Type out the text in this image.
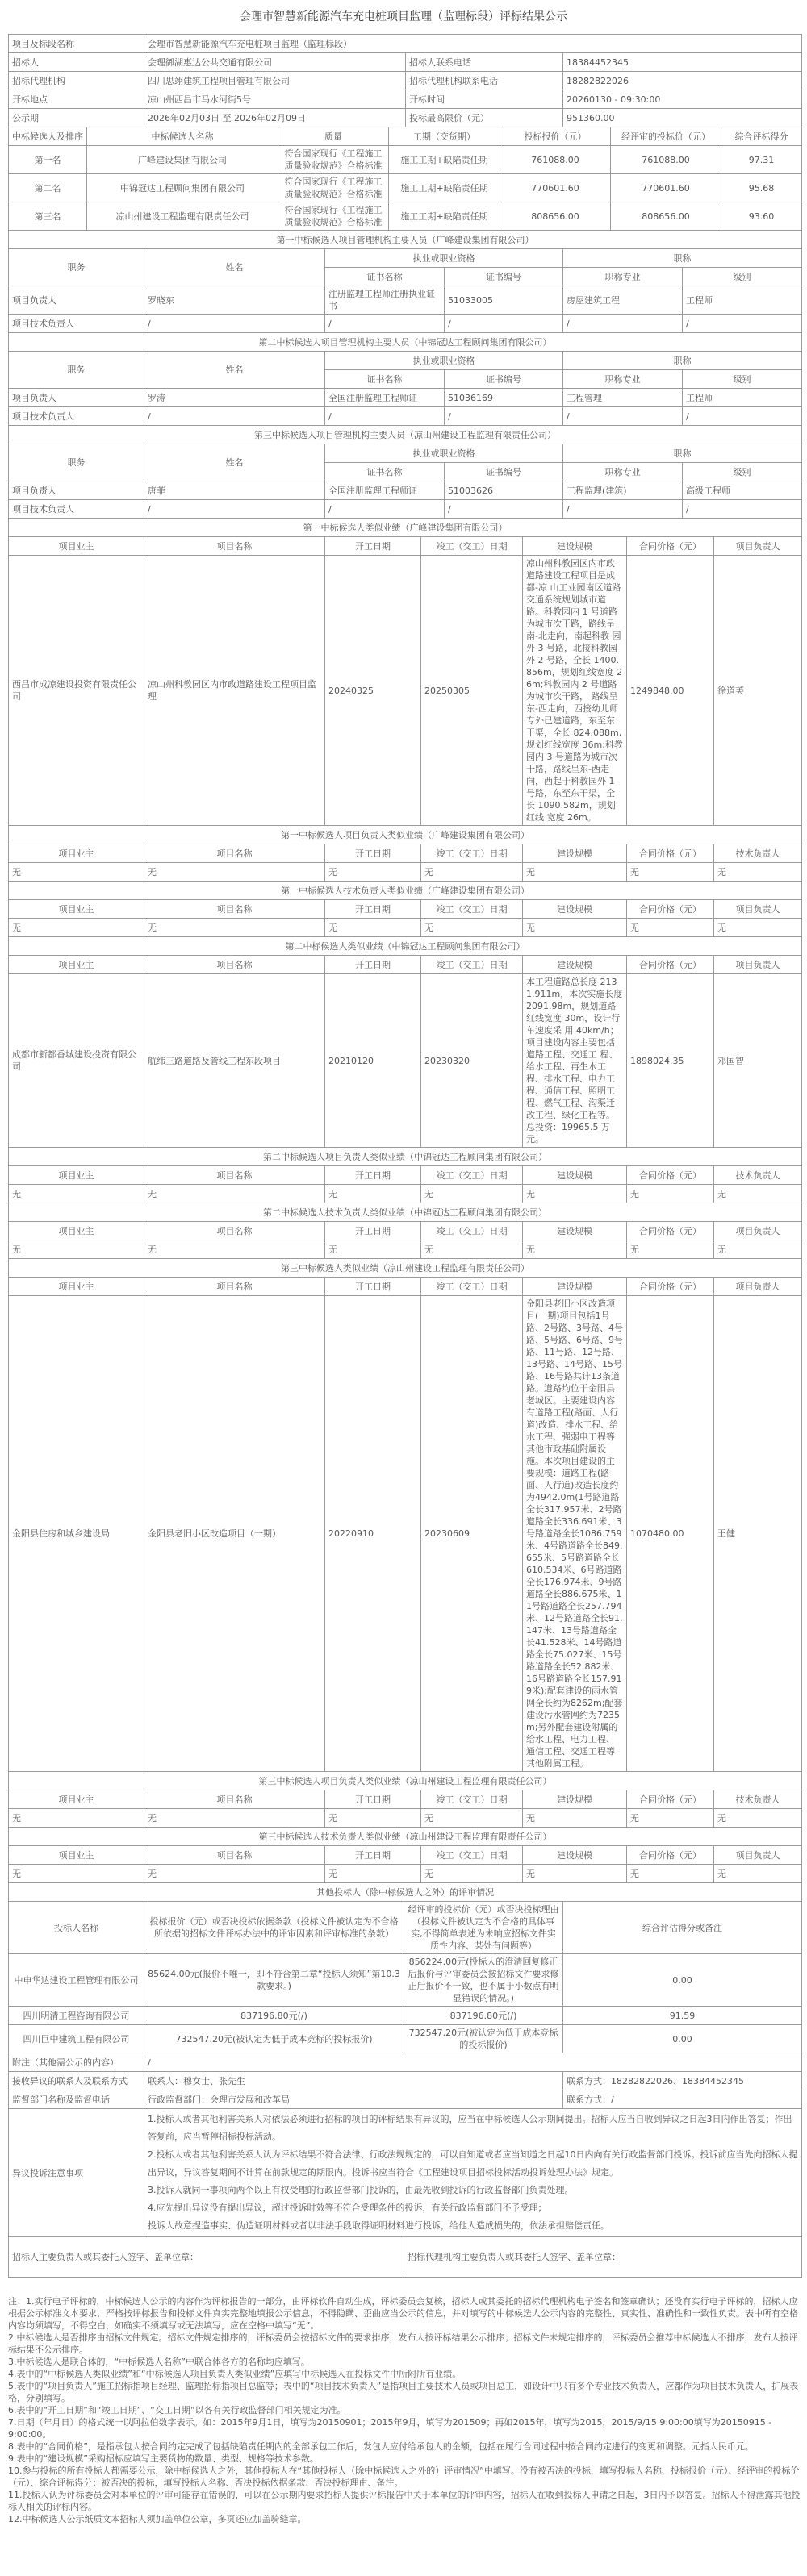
会理市智慧新能源汽车充电桩项目监理（监理标段）评标结果公示
项目及标段名称	会理市智慧新能源汽车充电桩项目监理（监理标段）		
招标人	会理御湖惠达公共交通有限公司	招标人联系电话	18384452345
招标代理机构	四川思翊建筑工程项目管理有限公司	招标代理机构联系电话	18282822026
开标地点	凉山州西昌市马水河街5号	开标时间	20260130 - 09:30:00
公示期	2026年02月03日 至 2026年02月09日	投标最高限价（元）	951360.00
中标候选人及排序	中标候选人名称	质量	工期（交货期）	投标报价（元）	经评审的投标价（元）	综合评标得分
第一名	广峰建设集团有限公司	符合国家现行《工程施工质量验收规范》合格标准	施工工期+缺陷责任期	761088.00	761088.00	97.31
第二名	中锦冠达工程顾问集团有限公司	符合国家现行《工程施工质量验收规范》合格标准	施工工期+缺陷责任期	770601.60	770601.60	95.68
第三名	凉山州建设工程监理有限责任公司	符合国家现行《工程施工质量验收规范》合格标准	施工工期+缺陷责任期	808656.00	808656.00	93.60
第一中标候选人项目管理机构主要人员（广峰建设集团有限公司）					
职务	姓名	执业或职业资格		职称	
		证书名称	证书编号	职称专业	级别
项目负责人	罗晓东	注册监理工程师注册执业证书	51033005	房屋建筑工程	工程师
项目技术负责人	/	/	/	/	/
第二中标候选人项目管理机构主要人员（中锦冠达工程顾问集团有限公司）					
职务	姓名	执业或职业资格		职称	
		证书名称	证书编号	职称专业	级别
项目负责人	罗涛	全国注册监理工程师证	51036169	工程管理	工程师
项目技术负责人	/	/	/	/	/
第三中标候选人项目管理机构主要人员（凉山州建设工程监理有限责任公司）					
职务	姓名	执业或职业资格		职称	
		证书名称	证书编号	职称专业	级别
项目负责人	唐菲	全国注册监理工程师证	51003626	工程监理(建筑)	高级工程师
项目技术负责人	/	/	/	/	/
第一中标候选人类似业绩（广峰建设集团有限公司）						
项目业主	项目名称	开工日期	竣工（交工）日期	建设规模	合同价格（元）	项目负责人
西昌市成凉建设投资有限责任公司	凉山州科教园区内市政道路建设工程项目监理	20240325	20250305	凉山州科教园区内市政道路建设工程项目是成都-凉 山工业园南区道路交通系统规划城市道路。科教园内 1 号道路为城市次干路，路线呈南-北走向，南起科教 园外 3 号路，北接科教园外 2 号路，全长 1400.856m，规划红线宽度 26m;科教园内 2 号道路为城市次干路， 路线呈东-西走向，西接幼儿师专外已建道路，东至东干渠，全长 824.088m,规划红线宽度 36m;科教园内 3 号道路为城市次干路，路线呈东-西走向，西起于科教园外 1 号路，东至东干渠，全长 1090.582m，规划红线 宽度 26m。	1249848.00	徐道芙
第一中标候选人项目负责人类似业绩（广峰建设集团有限公司）						
项目业主	项目名称	开工日期	竣工（交工）日期	建设规模	合同价格（元）	技术负责人
无	无	无	无	无	无	无
第一中标候选人技术负责人类似业绩（广峰建设集团有限公司）						
项目业主	项目名称	开工日期	竣工（交工）日期	建设规模	合同价格（元）	项目负责人
无	无	无	无	无	无	无
第二中标候选人类似业绩（中锦冠达工程顾问集团有限公司）						
项目业主	项目名称	开工日期	竣工（交工）日期	建设规模	合同价格（元）	项目负责人
成都市新都香城建设投资有限公司	航纬三路道路及管线工程东段项目	20210120	20230320	本工程道路总长度 2131.911m，本次实施长度 2091.98m，规划道路红线宽度 30m，设计行车速度采 用 40km/h；项目建设内容主要包括道路工程、交通工 程、给水工程、再生水工程、排水工程、电力工程、通信工程、照明工程、燃气工程、沟渠迁改工程、绿化工程等。总投资：19965.5 万元。	1898024.35	邓国智
第二中标候选人项目负责人类似业绩（中锦冠达工程顾问集团有限公司）						
项目业主	项目名称	开工日期	竣工（交工）日期	建设规模	合同价格（元）	技术负责人
无	无	无	无	无	无	无
第二中标候选人技术负责人类似业绩（中锦冠达工程顾问集团有限公司）						
项目业主	项目名称	开工日期	竣工（交工）日期	建设规模	合同价格（元）	项目负责人
无	无	无	无	无	无	无
第三中标候选人类似业绩（凉山州建设工程监理有限责任公司）						
项目业主	项目名称	开工日期	竣工（交工）日期	建设规模	合同价格（元）	项目负责人
金阳县住房和城乡建设局	金阳县老旧小区改造项目（一期）	20220910	20230609	金阳县老旧小区改造项目(一期)项目包括1号路、2号路、3号路、4号路、5号路、6号路、9号路、11号路、12号路、13号路、14号路、15号路、16号路共计13条道路。道路均位于金阳县老城区。主要建设内容有道路工程(路面、人行道)改造、排水工程、给水工程、强弱电工程等其他市政基础附属设施。本次项目建设的主要规模：道路工程(路面、人行道)改造长度约为4942.0m(1号路道路全长317.957米、2号路道路全长336.691米、3号路道路全长1086.759米、4号路道路全长849.655米、5号路道路全长610.534米、6号路道路全长176.974米、9号路道路全长886.675米、11号路道路全长257.794米、12号路道路全长91.147米、13号路道路全长41.528米、14号路道路全长75.027米、15号路道路全长52.882米、16号路道路全长157.919米);配套建设的雨水管网全长约为8262m;配套建设污水管网约为7235m;另外配套建设附属的给水工程、电力工程、通信工程、交通工程等其他附属工程。	1070480.00	王健
第三中标候选人项目负责人类似业绩（凉山州建设工程监理有限责任公司）						
项目业主	项目名称	开工日期	竣工（交工）日期	建设规模	合同价格（元）	技术负责人
无	无	无	无	无	无	无
第三中标候选人技术负责人类似业绩（凉山州建设工程监理有限责任公司）						
项目业主	项目名称	开工日期	竣工（交工）日期	建设规模	合同价格（元）	项目负责人
无	无	无	无	无	无	无
其他投标人（除中标候选人之外）的评审情况			
投标人名称	投标报价（元）或否决投标依据条款（投标文件被认定为不合格所依据的招标文件评标办法中的评审因素和评审标准的条款）	经评审的投标价（元）或否决投标理由（投标文件被认定为不合格的具体事实,不得简单表述为未响应招标文件实质性内容、某处有问题等）	综合评估得分或备注
中申华达建设工程管理有限公司	85624.00元(报价不唯一，即不符合第二章“投标人须知”第10.3款要求。)	856224.00元(投标人的澄清回复修正后报价与评审委员会按招标文件要求修正后报价不一致，也不属于小数点有明显错误的情况。)	0.00
四川明清工程咨询有限公司	837196.80元(/)	837196.80元(/)	91.59
四川巨中建筑工程有限公司	732547.20元(被认定为低于成本竞标的投标报价)	732547.20元(被认定为低于成本竞标的投标报价)	0.00
附注（其他需公示的内容）	/	
接收异议的联系人及联系方式	联系人：穆女士、张先生	联系方式：18282822026、18384452345
监督部门名称及监督电话	行政监督部门：会理市发展和改革局	联系方式：/
异议投诉注意事项	
1.投标人或者其他利害关系人对依法必须进行招标的项目的评标结果有异议的，应当在中标候选人公示期间提出。招标人应当自收到异议之日起3日内作出答复；作出答复前，应当暂停招标投标活动。
2.投标人或者其他利害关系人认为评标结果不符合法律、行政法规规定的，可以自知道或者应当知道之日起10日内向有关行政监督部门投诉。投诉前应当先向招标人提出异议，异议答复期间不计算在前款规定的期限内。投诉书应当符合《工程建设项目招标投标活动投诉处理办法》规定。
3.投诉人就同一事项向两个以上有权受理的行政监督部门投诉的，由最先收到投诉的行政监督部门负责处理。
4.应先提出异议没有提出异议，超过投诉时效等不符合受理条件的投诉，有关行政监督部门不予受理；
投诉人故意捏造事实、伪造证明材料或者以非法手段取得证明材料进行投诉，给他人造成损失的，依法承担赔偿责任。
招标人主要负责人或其委托人签字、盖单位章：	招标代理机构主要负责人或其委托人签字、盖单位章：
注：1.实行电子评标的，中标候选人公示的内容作为评标报告的一部分，由评标软件自动生成，评标委员会复核，招标人或其委托的招标代理机构电子签名和签章确认；还没有实行电子评标的，招标人应根据公示标准文本要求，严格按评标报告和投标文件真实完整地填报公示信息，不得隐瞒、歪曲应当公示的信息，并对填写的中标候选人公示内容的完整性、真实性、准确性和一致性负责。表中所有空格内容均须填写，不得空白，如确实不须填写或无法填写，应在空格中填写“无”。
2.中标候选人是否排序由招标文件规定。招标文件规定排序的，评标委员会按招标文件的要求排序，发布人按评标结果公示排序；招标文件未规定排序的，评标委员会推荐中标候选人不排序，发布人按评标结果不公示排序。
3.中标候选人是联合体的，“中标候选人名称”中联合体各方的名称均应填写。
4.表中的“中标候选人类似业绩”和“中标候选人项目负责人类似业绩”应填写中标候选人在投标文件中所附所有业绩。
5.表中的“项目负责人”施工招标指项目经理、监理招标指项目总监等；表中的“项目技术负责人”是指项目主要技术人员或项目总工，如设计中只有多个专业技术负责人，应都作为项目技术负责人，扩展表格，分别填写。
6.表中的“开工日期”和“竣工日期”、“交工日期”以各有关行政监督部门相关规定为准。
7.日期（年月日）的格式统一以阿拉伯数字表示。如：2015年9月1日，填写为20150901；2015年9月，填写为201509；再如2015年，填写为2015，2015/9/15 9:00:00填写为20150915 - 9:00:00。
8.表中的“合同价格”，是指承包人按合同约定完成了包括缺陷责任期内的全部承包工作后，发包人应付给承包人的金额，包括在履行合同过程中按合同约定进行的变更和调整。元指人民币元。
9.表中的“建设规模”采购招标应填写主要货物的数量、类型、规格等技术参数。
10.参与投标的所有投标人都需要公示，除中标候选人之外，其他投标人在“其他投标人（除中标候选人之外的）评审情况”中填写。没有被否决的投标，填写投标人名称、投标报价（元）、经评审的投标价（元）、综合评标得分；被否决的投标，填写投标人名称、否决投标依据条款、否决投标理由、备注。
11.投标人认为评标委员会对本单位的评审可能存在错误的，可以在公示期内要求招标人提供评标报告中关于本单位的评审内容，招标人在收到投标人申请之日起，3日内予以答复。招标人不得泄露其他投标人相关的评标内容。
12.中标候选人公示纸质文本招标人须加盖单位公章，多页还应加盖骑缝章。
